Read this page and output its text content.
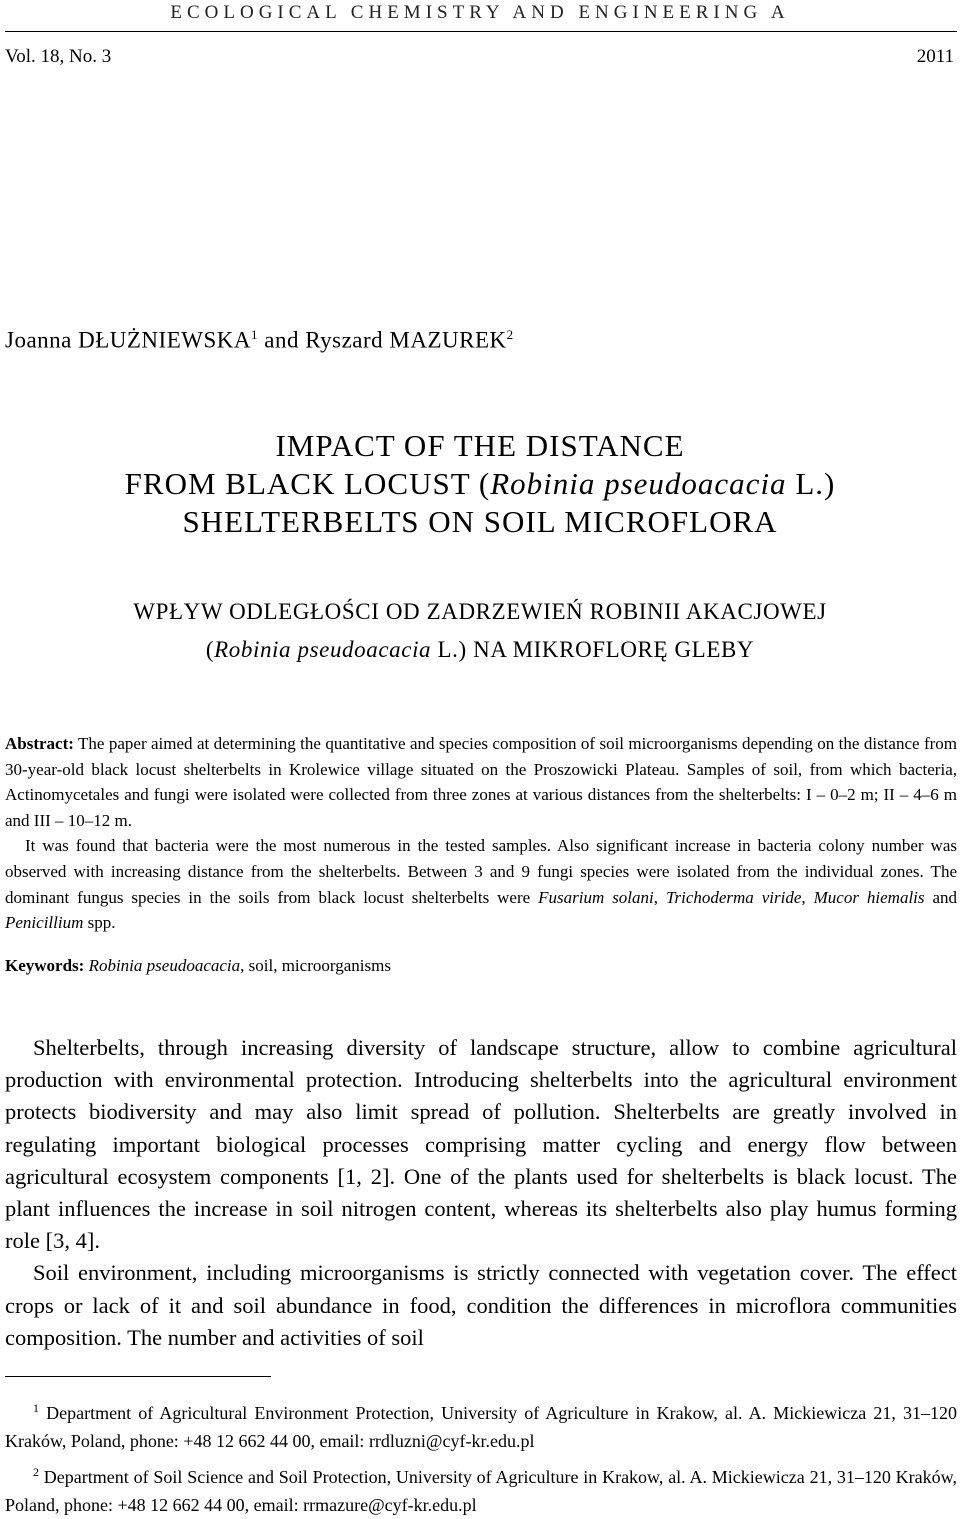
ECOLOGICAL CHEMISTRY AND ENGINEERING A
Vol. 18, No. 3	2011
Joanna DŁUŻNIEWSKA$^1$ and Ryszard MAZUREK$^2$
IMPACT OF THE DISTANCE
FROM BLACK LOCUST (Robinia pseudoacacia L.)
SHELTERBELTS ON SOIL MICROFLORA
WPŁYW ODLEGŁOŚCI OD ZADRZEWIEŃ ROBINII AKACJOWEJ
(Robinia pseudoacacia L.) NA MIKROFLORĘ GLEBY

Abstract: The paper aimed at determining the quantitative and species composition of soil microorganisms depending on the distance from 30-year-old black locust shelterbelts in Krolewice village situated on the Proszowicki Plateau. Samples of soil, from which bacteria, Actinomycetales and fungi were isolated were collected from three zones at various distances from the shelterbelts: I – 0–2 m; II – 4–6 m and III – 10–12 m.

It was found that bacteria were the most numerous in the tested samples. Also significant increase in bacteria colony number was observed with increasing distance from the shelterbelts. Between 3 and 9 fungi species were isolated from the individual zones. The dominant fungus species in the soils from black locust shelterbelts were Fusarium solani, Trichoderma viride, Mucor hiemalis and Penicillium spp.

Keywords: Robinia pseudoacacia, soil, microorganisms

Shelterbelts, through increasing diversity of landscape structure, allow to combine agricultural production with environmental protection. Introducing shelterbelts into the agricultural environment protects biodiversity and may also limit spread of pollution. Shelterbelts are greatly involved in regulating important biological processes comprising matter cycling and energy flow between agricultural ecosystem components [1, 2]. One of the plants used for shelterbelts is black locust. The plant influences the increase in soil nitrogen content, whereas its shelterbelts also play humus forming role [3, 4].

Soil environment, including microorganisms is strictly connected with vegetation cover. The effect crops or lack of it and soil abundance in food, condition the differences in microflora communities composition. The number and activities of soil

$^1$ Department of Agricultural Environment Protection, University of Agriculture in Krakow, al. A. Mickiewicza 21, 31–120 Kraków, Poland, phone: +48 12 662 44 00, email: rrdluzni@cyf-kr.edu.pl

$^2$ Department of Soil Science and Soil Protection, University of Agriculture in Krakow, al. A. Mickiewicza 21, 31–120 Kraków, Poland, phone: +48 12 662 44 00, email: rrmazure@cyf-kr.edu.pl
